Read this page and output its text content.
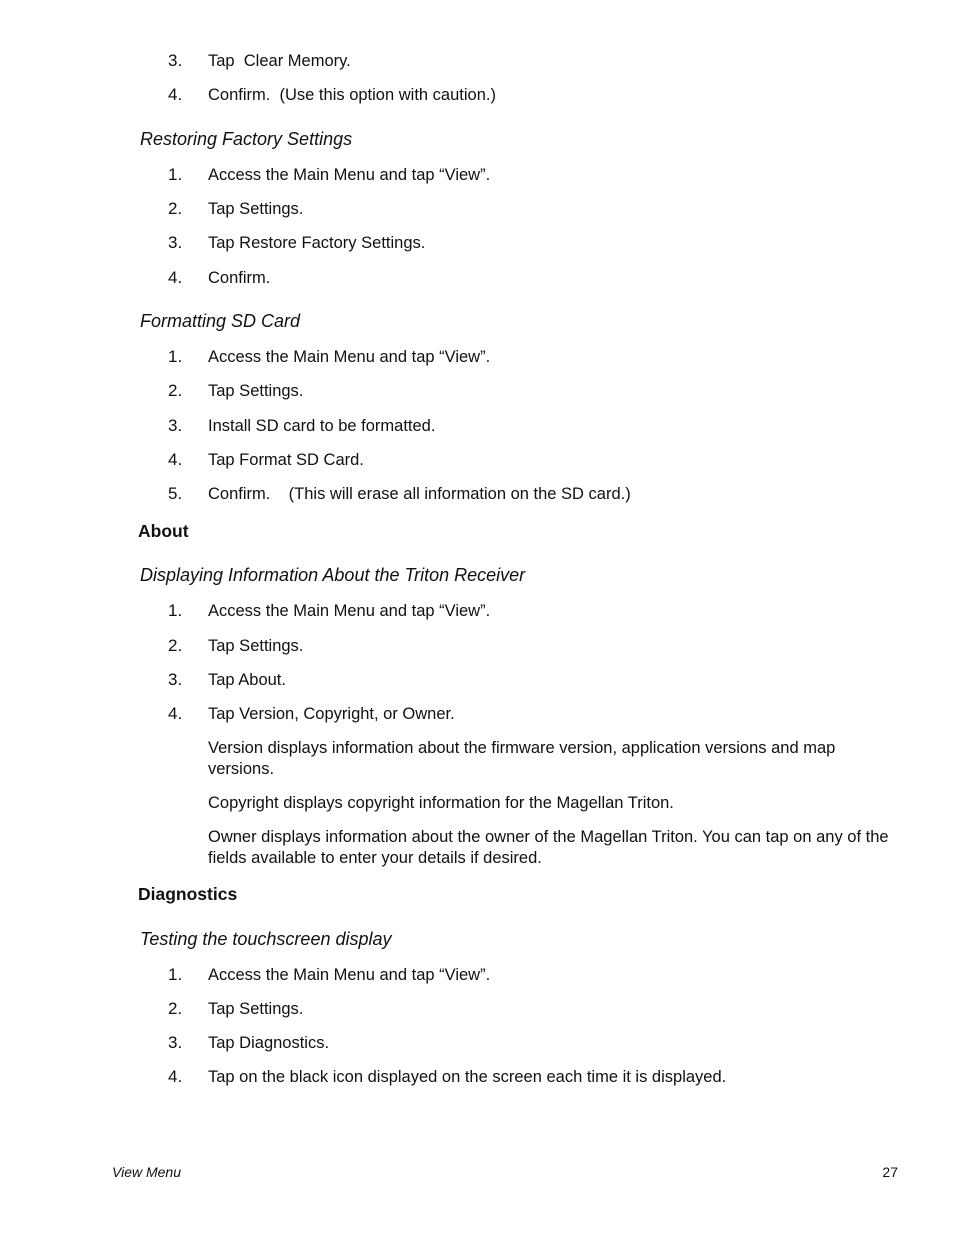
3. Tap  Clear Memory.
4. Confirm.  (Use this option with caution.)
Restoring Factory Settings
1. Access the Main Menu and tap “View”.
2. Tap Settings.
3. Tap Restore Factory Settings.
4. Confirm.
Formatting SD Card
1. Access the Main Menu and tap “View”.
2. Tap Settings.
3. Install SD card to be formatted.
4. Tap Format SD Card.
5. Confirm.    (This will erase all information on the SD card.)
About
Displaying Information About the Triton Receiver
1. Access the Main Menu and tap “View”.
2. Tap Settings.
3. Tap About.
4. Tap Version, Copyright, or Owner.
Version displays information about the firmware version, application versions and map versions.
Copyright displays copyright information for the Magellan Triton.
Owner displays information about the owner of the Magellan Triton. You can tap on any of the fields available to enter your details if desired.
Diagnostics
Testing the touchscreen display
1. Access the Main Menu and tap “View”.
2. Tap Settings.
3. Tap Diagnostics.
4. Tap on the black icon displayed on the screen each time it is displayed.
View Menu	27
